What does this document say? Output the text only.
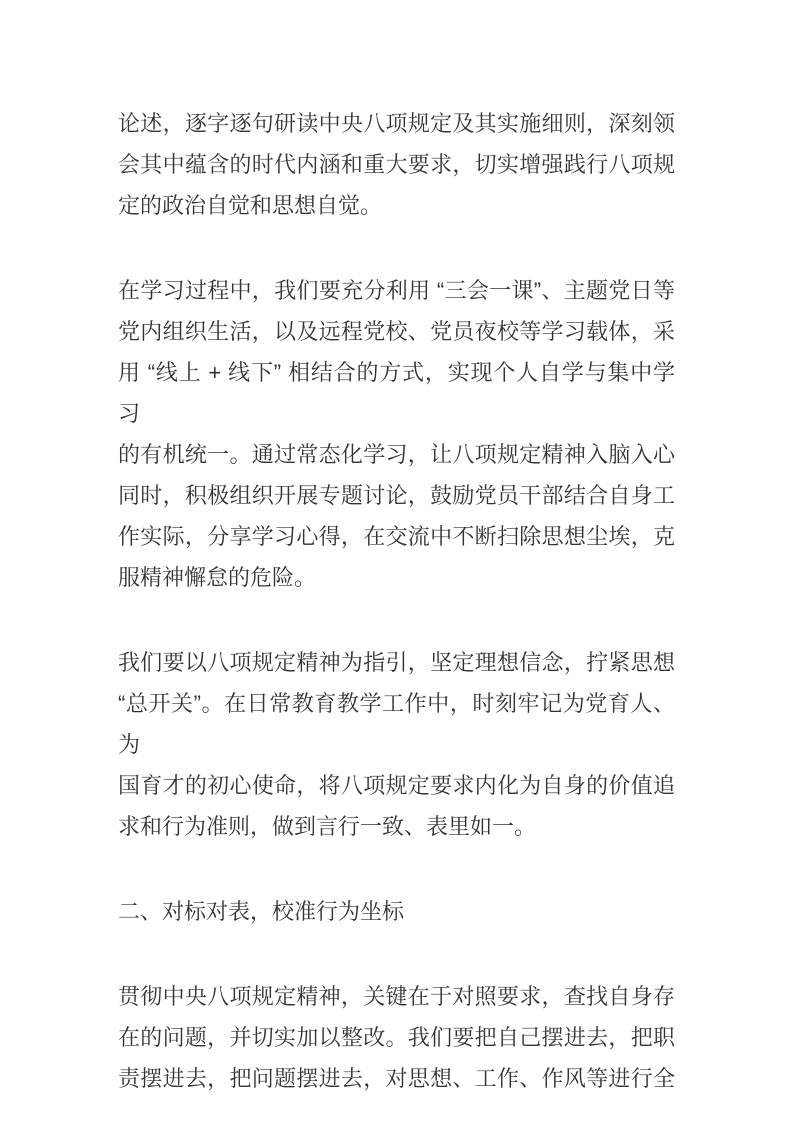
论述，逐字逐句研读中央八项规定及其实施细则，深刻领
会其中蕴含的时代内涵和重大要求，切实增强践行八项规
定的政治自觉和思想自觉。
在学习过程中，我们要充分利用 “三会一课”、主题党日等
党内组织生活，以及远程党校、党员夜校等学习载体，采
用 “线上 + 线下” 相结合的方式，实现个人自学与集中学习
的有机统一。通过常态化学习，让八项规定精神入脑入心
同时，积极组织开展专题讨论，鼓励党员干部结合自身工
作实际，分享学习心得，在交流中不断扫除思想尘埃，克
服精神懈怠的危险。
我们要以八项规定精神为指引，坚定理想信念，拧紧思想
“总开关”。在日常教育教学工作中，时刻牢记为党育人、为
国育才的初心使命，将八项规定要求内化为自身的价值追
求和行为准则，做到言行一致、表里如一。
二、对标对表，校准行为坐标
贯彻中央八项规定精神，关键在于对照要求，查找自身存
在的问题，并切实加以整改。我们要把自己摆进去，把职
责摆进去，把问题摆进去，对思想、工作、作风等进行全
